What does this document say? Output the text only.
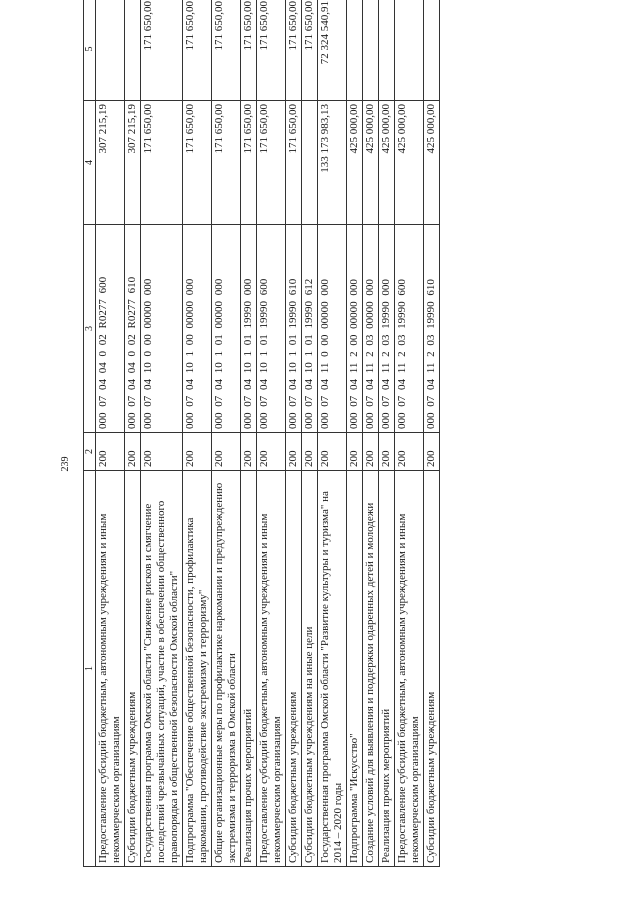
239
1	2	3	4	5	
Предоставление субсидий бюджетным, автономным учреждениям и иным некоммерческим организациям	200	000 07 04 04 0 02 R0277 600	307 215,19		
Субсидии бюджетным учреждениям	200	000 07 04 04 0 02 R0277 610	307 215,19		
Государственная программа Омской области "Снижение рисков и смягчение последствий чрезвычайных ситуаций, участие в обеспечении общественного правопорядка и общественной безопасности Омской области"	200	000 07 04 10 0 00 00000 000	171 650,00	171 650,00	
Подпрограмма "Обеспечение общественной безопасности, профилактика наркомании, противодействие экстремизму и терроризму"	200	000 07 04 10 1 00 00000 000	171 650,00	171 650,00	
Общие организационные меры по профилактике наркомании и предупреждению экстремизма и терроризма в Омской области	200	000 07 04 10 1 01 00000 000	171 650,00	171 650,00	
Реализация прочих мероприятий	200	000 07 04 10 1 01 19990 000	171 650,00	171 650,00	
Предоставление субсидий бюджетным, автономным учреждениям и иным некоммерческим организациям	200	000 07 04 10 1 01 19990 600	171 650,00	171 650,00	
Субсидии бюджетным учреждениям	200	000 07 04 10 1 01 19990 610	171 650,00	171 650,00	
Субсидии бюджетным учреждениям на иные цели	200	000 07 04 10 1 01 19990 612		171 650,00	
Государственная программа Омской области "Развитие культуры и туризма" на 2014 – 2020 годы	200	000 07 04 11 0 00 00000 000	133 173 983,13	72 324 540,91	
Подпрограмма "Искусство"	200	000 07 04 11 2 00 00000 000	425 000,00		
Создание условий для выявления и поддержки одаренных детей и молодежи	200	000 07 04 11 2 03 00000 000	425 000,00		
Реализация прочих мероприятий	200	000 07 04 11 2 03 19990 000	425 000,00		
Предоставление субсидий бюджетным, автономным учреждениям и иным некоммерческим организациям	200	000 07 04 11 2 03 19990 600	425 000,00		
Субсидии бюджетным учреждениям	200	000 07 04 11 2 03 19990 610	425 000,00		
